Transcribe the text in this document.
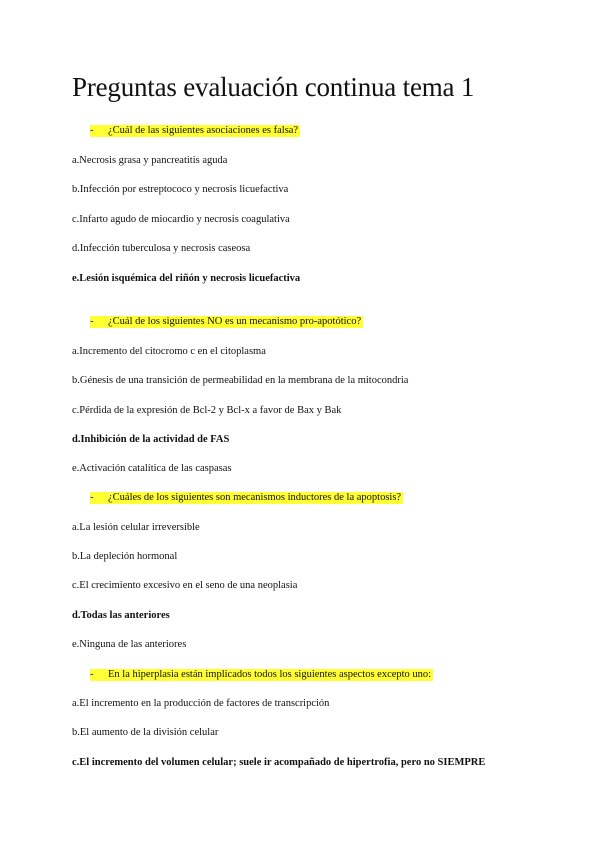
Preguntas evaluación continua tema 1
- ¿Cuál de las siguientes asociaciones es falsa?
a.Necrosis grasa y pancreatitis aguda
b.Infección por estreptococo y necrosis licuefactiva
c.Infarto agudo de miocardio y necrosis coagulativa
d.Infección tuberculosa y necrosis caseosa
e.Lesión isquémica del riñón y necrosis licuefactiva
- ¿Cuál de los siguientes NO es un mecanismo pro-apotótico?
a.Incremento del citocromo c en el citoplasma
b.Génesis de una transición de permeabilidad en la membrana de la mitocondria
c.Pérdida de la expresión de Bcl-2 y Bcl-x a favor de Bax y Bak
d.Inhibición de la actividad de FAS
e.Activación catalítica de las caspasas
- ¿Cuáles de los siguientes son mecanismos inductores de la apoptosis?
a.La lesión celular irreversible
b.La depleción hormonal
c.El crecimiento excesivo en el seno de una neoplasia
d.Todas las anteriores
e.Ninguna de las anteriores
- En la hiperplasia están implicados todos los siguientes aspectos excepto uno:
a.El incremento en la producción de factores de transcripción
b.El aumento de la división celular
c.El incremento del volumen celular; suele ir acompañado de hipertrofia, pero no SIEMPRE
